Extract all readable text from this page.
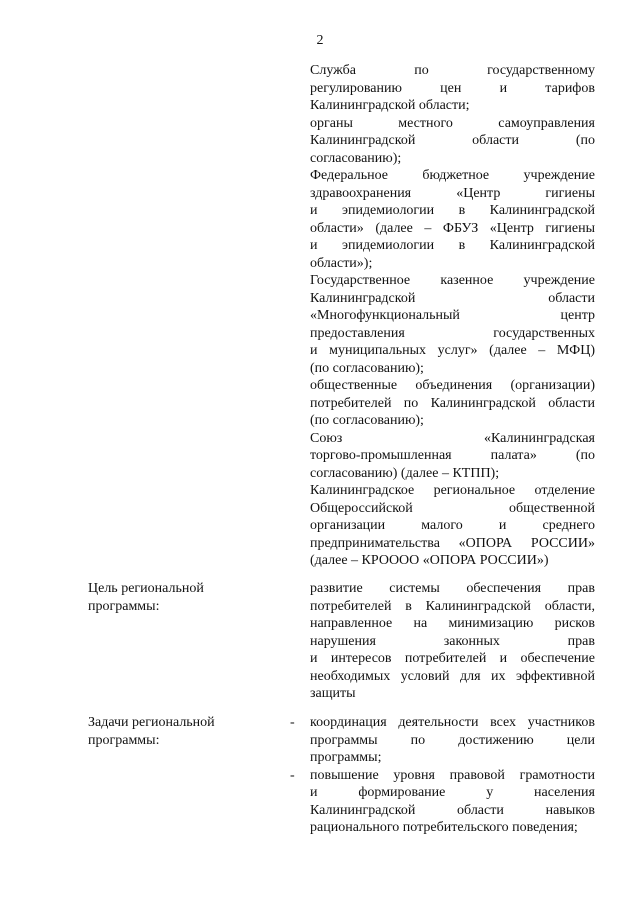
2
Служба по государственному
регулированию цен и тарифов
Калининградской области;
органы местного самоуправления
Калининградской области (по
согласованию);
Федеральное бюджетное учреждение
здравоохранения «Центр гигиены
и эпидемиологии в Калининградской
области» (далее – ФБУЗ «Центр гигиены
и эпидемиологии в Калининградской
области»);
Государственное казенное учреждение
Калининградской области
«Многофункциональный центр
предоставления государственных
и муниципальных услуг» (далее – МФЦ)
(по согласованию);
общественные объединения (организации)
потребителей по Калининградской области
(по согласованию);
Союз «Калининградская
торгово-промышленная палата» (по
согласованию) (далее – КТПП);
Калининградское региональное отделение
Общероссийской общественной
организации малого и среднего
предпринимательства «ОПОРА РОССИИ»
(далее – КРОООО «ОПОРА РОССИИ»)
Цель региональной
программы:
развитие системы обеспечения прав
потребителей в Калининградской области,
направленное на минимизацию рисков
нарушения законных прав
и интересов потребителей и обеспечение
необходимых условий для их эффективной
защиты
Задачи региональной
программы:
- координация деятельности всех участников
программы по достижению цели
программы;
- повышение уровня правовой грамотности
и формирование у населения
Калининградской области навыков
рационального потребительского поведения;
